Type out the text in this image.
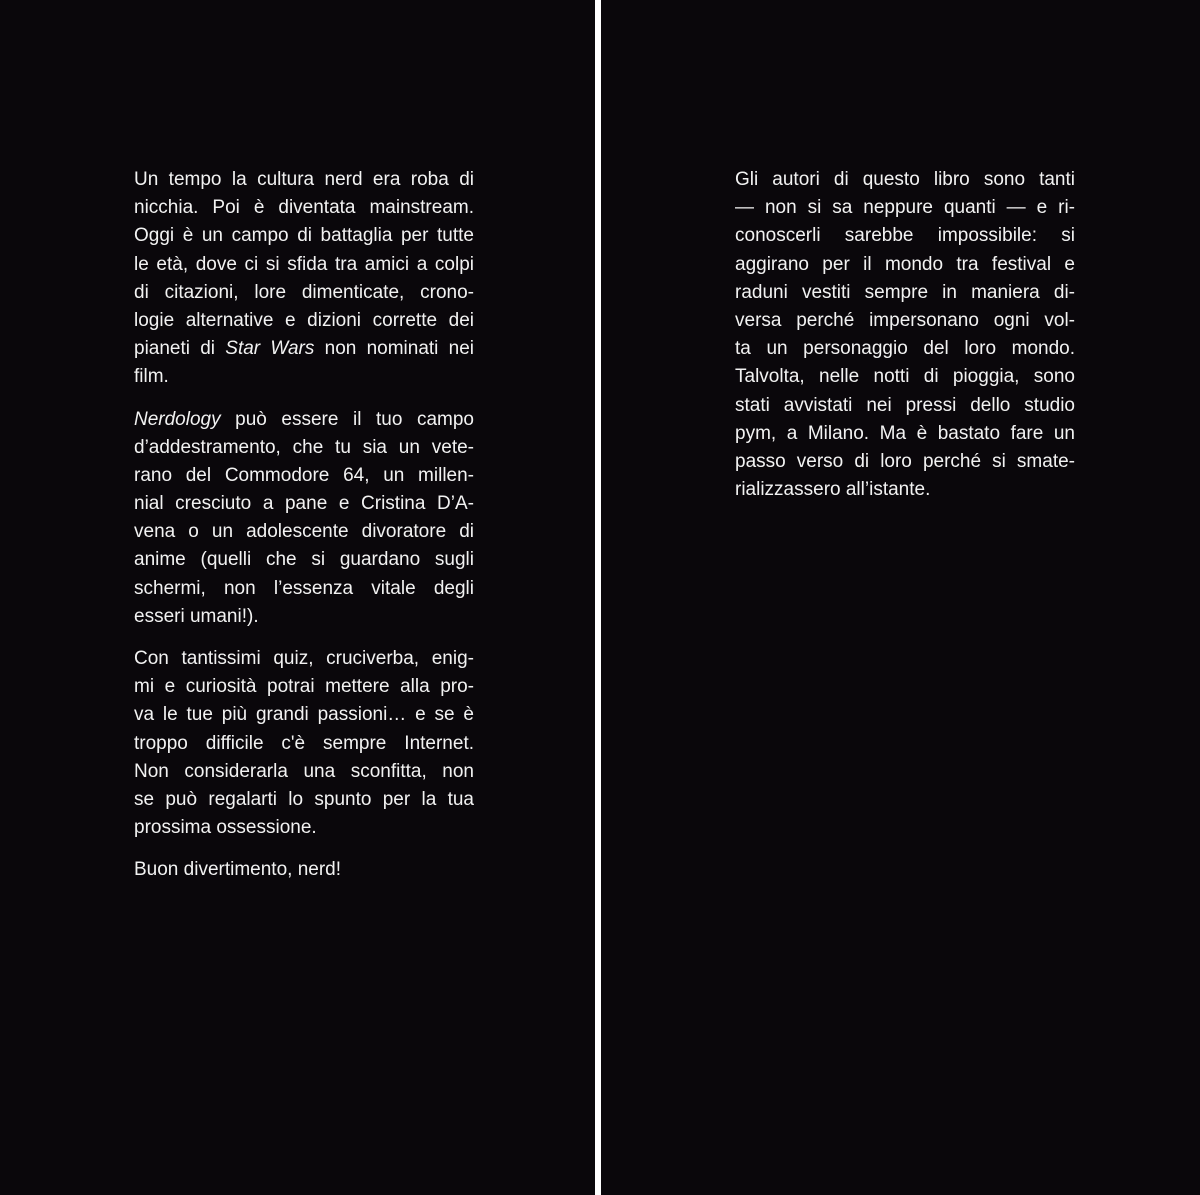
Un tempo la cultura nerd era roba di
nicchia. Poi è diventata mainstream.
Oggi è un campo di battaglia per tutte
le età, dove ci si sfida tra amici a colpi
di citazioni, lore dimenticate, crono-
logie alternative e dizioni corrette dei
pianeti di Star Wars non nominati nei
film.
Nerdology può essere il tuo campo
d’addestramento, che tu sia un vete-
rano del Commodore 64, un millen-
nial cresciuto a pane e Cristina D’A-
vena o un adolescente divoratore di
anime (quelli che si guardano sugli
schermi, non l’essenza vitale degli
esseri umani!).
Con tantissimi quiz, cruciverba, enig-
mi e curiosità potrai mettere alla pro-
va le tue più grandi passioni… e se è
troppo difficile c'è sempre Internet.
Non considerarla una sconfitta, non
se può regalarti lo spunto per la tua
prossima ossessione.
Buon divertimento, nerd!
Gli autori di questo libro sono tanti
— non si sa neppure quanti — e ri-
conoscerli sarebbe impossibile: si
aggirano per il mondo tra festival e
raduni vestiti sempre in maniera di-
versa perché impersonano ogni vol-
ta un personaggio del loro mondo.
Talvolta, nelle notti di pioggia, sono
stati avvistati nei pressi dello studio
pym, a Milano. Ma è bastato fare un
passo verso di loro perché si smate-
rializzassero all’istante.
